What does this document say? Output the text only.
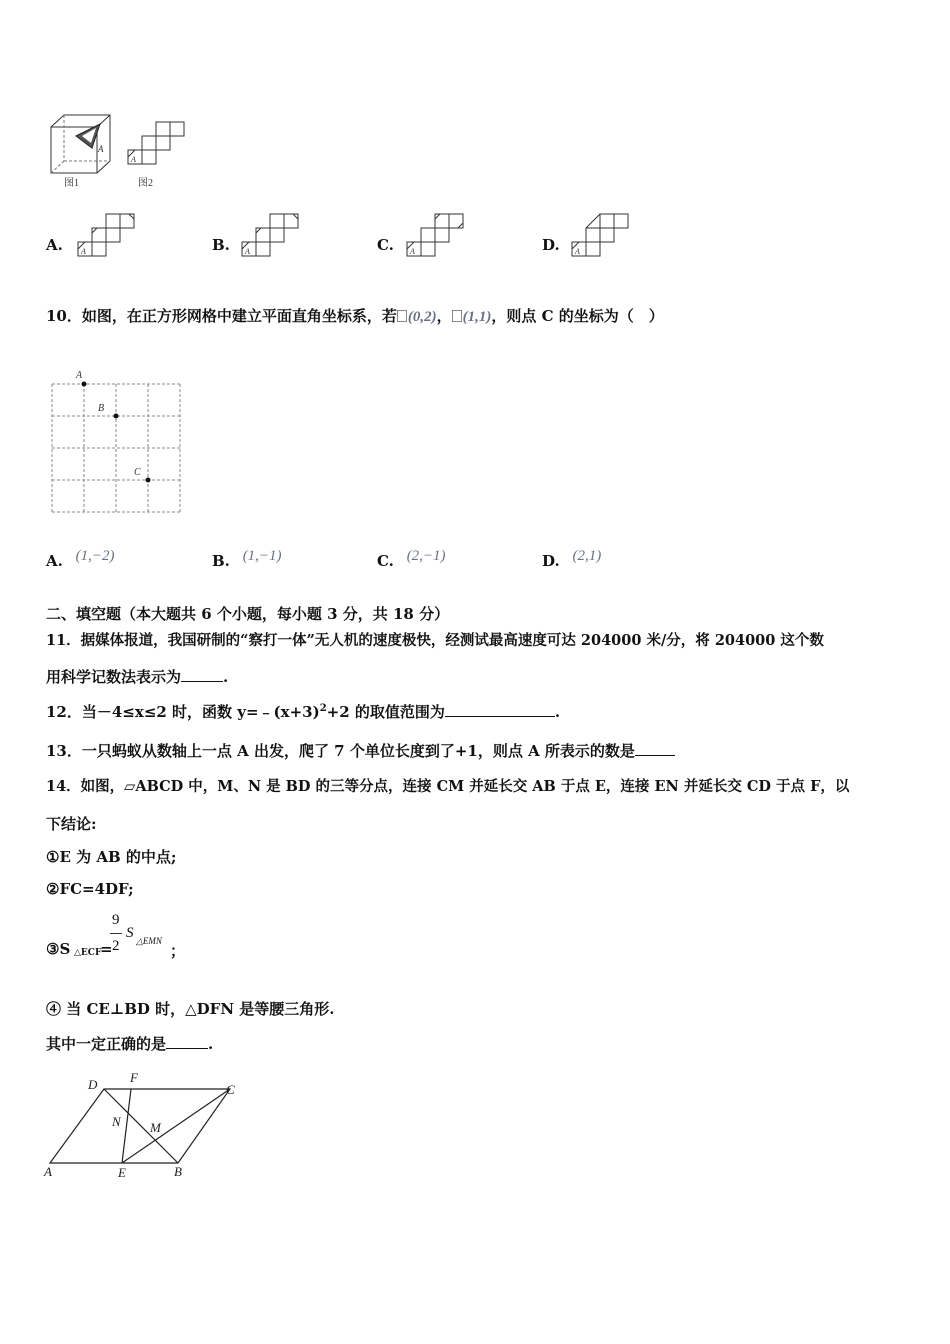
A
图1
A
图2
A. A	B. A	C. A	D. A
10．如图，在正方形网格中建立平面直角坐标系，若 (0,2)， (1,1)，则点 C 的坐标为（　）
A
B
C
A. (1,−2)	B. (1,−1)	C. (2,−1)	D. (2,1)
二、填空题（本大题共 6 个小题，每小题 3 分，共 18 分）
11．据媒体报道，我国研制的“察打一体”无人机的速度极快，经测试最高速度可达 204000 米/分，将 204000 这个数
用科学记数法表示为	.
12．当－4≤x≤2 时，函数 $y=﹣(x+3)^2+2$ 的取值范围为	.
13．一只蚂蚁从数轴上一点 A 出发，爬了 7 个单位长度到了+1，则点 A 所表示的数是
14．如图，▱ABCD 中，M、N 是 BD 的三等分点，连接 CM 并延长交 AB 于点 E，连接 EN 并延长交 CD 于点 F，以
下结论:
①E 为 AB 的中点;
②FC=4DF;
③S △ECF
=
9
2
S △EMN
；
④ 当 CE⊥BD 时，△DFN 是等腰三角形.
其中一定正确的是	.
A	B
C
D
E
F
M
N
